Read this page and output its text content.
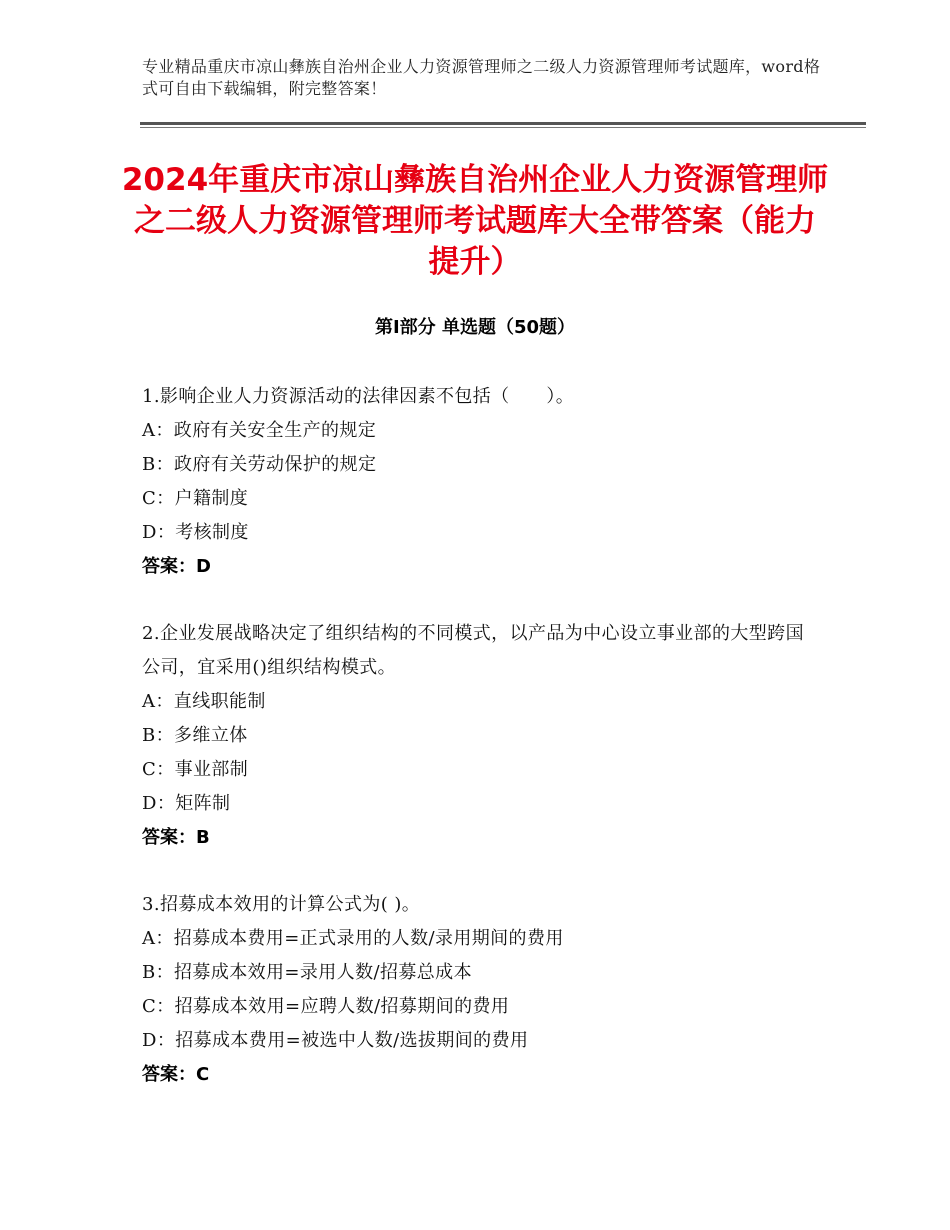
专业精品重庆市凉山彝族自治州企业人力资源管理师之二级人力资源管理师考试题库，word格式可自由下载编辑，附完整答案！
2024年重庆市凉山彝族自治州企业人力资源管理师之二级人力资源管理师考试题库大全带答案（能力提升）
第Ⅰ部分 单选题（50题）
1.影响企业人力资源活动的法律因素不包括（　　）。
A：政府有关安全生产的规定
B：政府有关劳动保护的规定
C：户籍制度
D：考核制度
答案：D
2.企业发展战略决定了组织结构的不同模式，以产品为中心设立事业部的大型跨国公司，宜采用()组织结构模式。
A：直线职能制
B：多维立体
C：事业部制
D：矩阵制
答案：B
3.招募成本效用的计算公式为( )。
A：招募成本费用=正式录用的人数/录用期间的费用
B：招募成本效用=录用人数/招募总成本
C：招募成本效用=应聘人数/招募期间的费用
D：招募成本费用=被选中人数/选拔期间的费用
答案：C
